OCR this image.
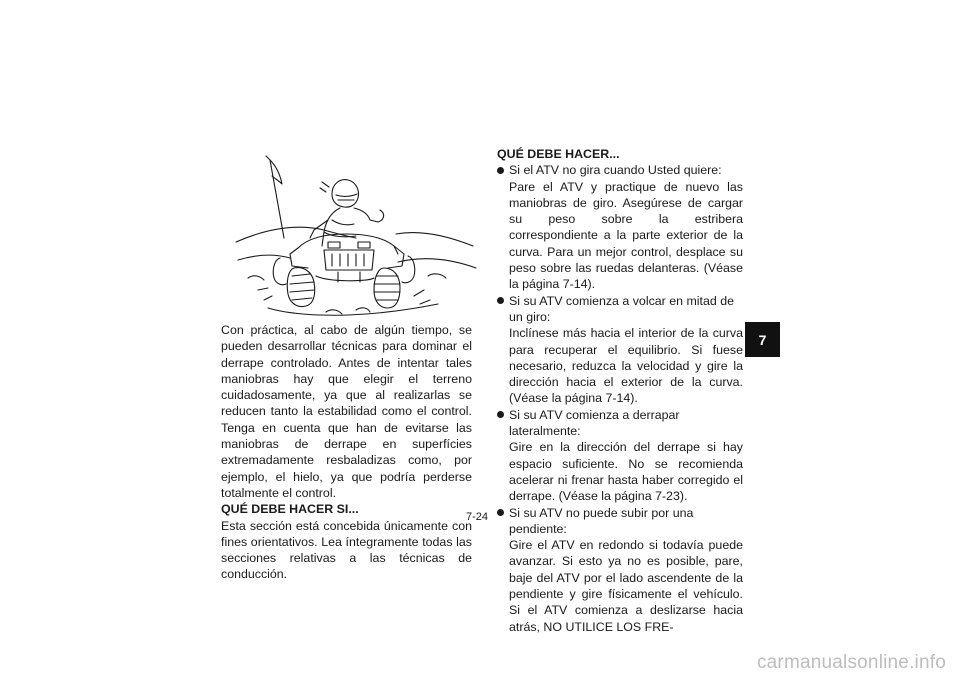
Con práctica, al cabo de algún tiempo, se pueden desarrollar técnicas para dominar el derrape controlado. Antes de intentar tales maniobras hay que elegir el terreno cuidadosamente, ya que al realizarlas se reducen tanto la estabilidad como el control. Tenga en cuenta que han de evitarse las maniobras de derrape en superfícies extremadamente resbaladizas como, por ejemplo, el hielo, ya que podría perderse totalmente el control.

QUÉ DEBE HACER SI...

Esta sección está concebida únicamente con fines orientativos. Lea íntegramente todas las secciones relativas a las técnicas de conducción.

QUÉ DEBE HACER...

Si el ATV no gira cuando Usted quiere:
Pare el ATV y practique de nuevo las maniobras de giro. Asegúrese de cargar su peso sobre la estribera correspondiente a la parte exterior de la curva. Para un mejor control, desplace su peso sobre las ruedas delanteras. (Véase la página 7-14).
Si su ATV comienza a volcar en mitad de un giro:
Inclínese más hacia el interior de la curva para recuperar el equilibrio. Si fuese necesario, reduzca la velocidad y gire la dirección hacia el exterior de la curva. (Véase la página 7-14).
Si su ATV comienza a derrapar lateralmente:
Gire en la dirección del derrape si hay espacio suficiente. No se recomienda acelerar ni frenar hasta haber corregido el derrape. (Véase la página 7-23).
Si su ATV no puede subir por una pendiente:
Gire el ATV en redondo si todavía puede avanzar. Si esto ya no es posible, pare, baje del ATV por el lado ascendente de la pendiente y gire físicamente el vehículo. Si el ATV comienza a deslizarse hacia atrás, NO UTILICE LOS FRE-
7
7-24
carmanualsonline.info
